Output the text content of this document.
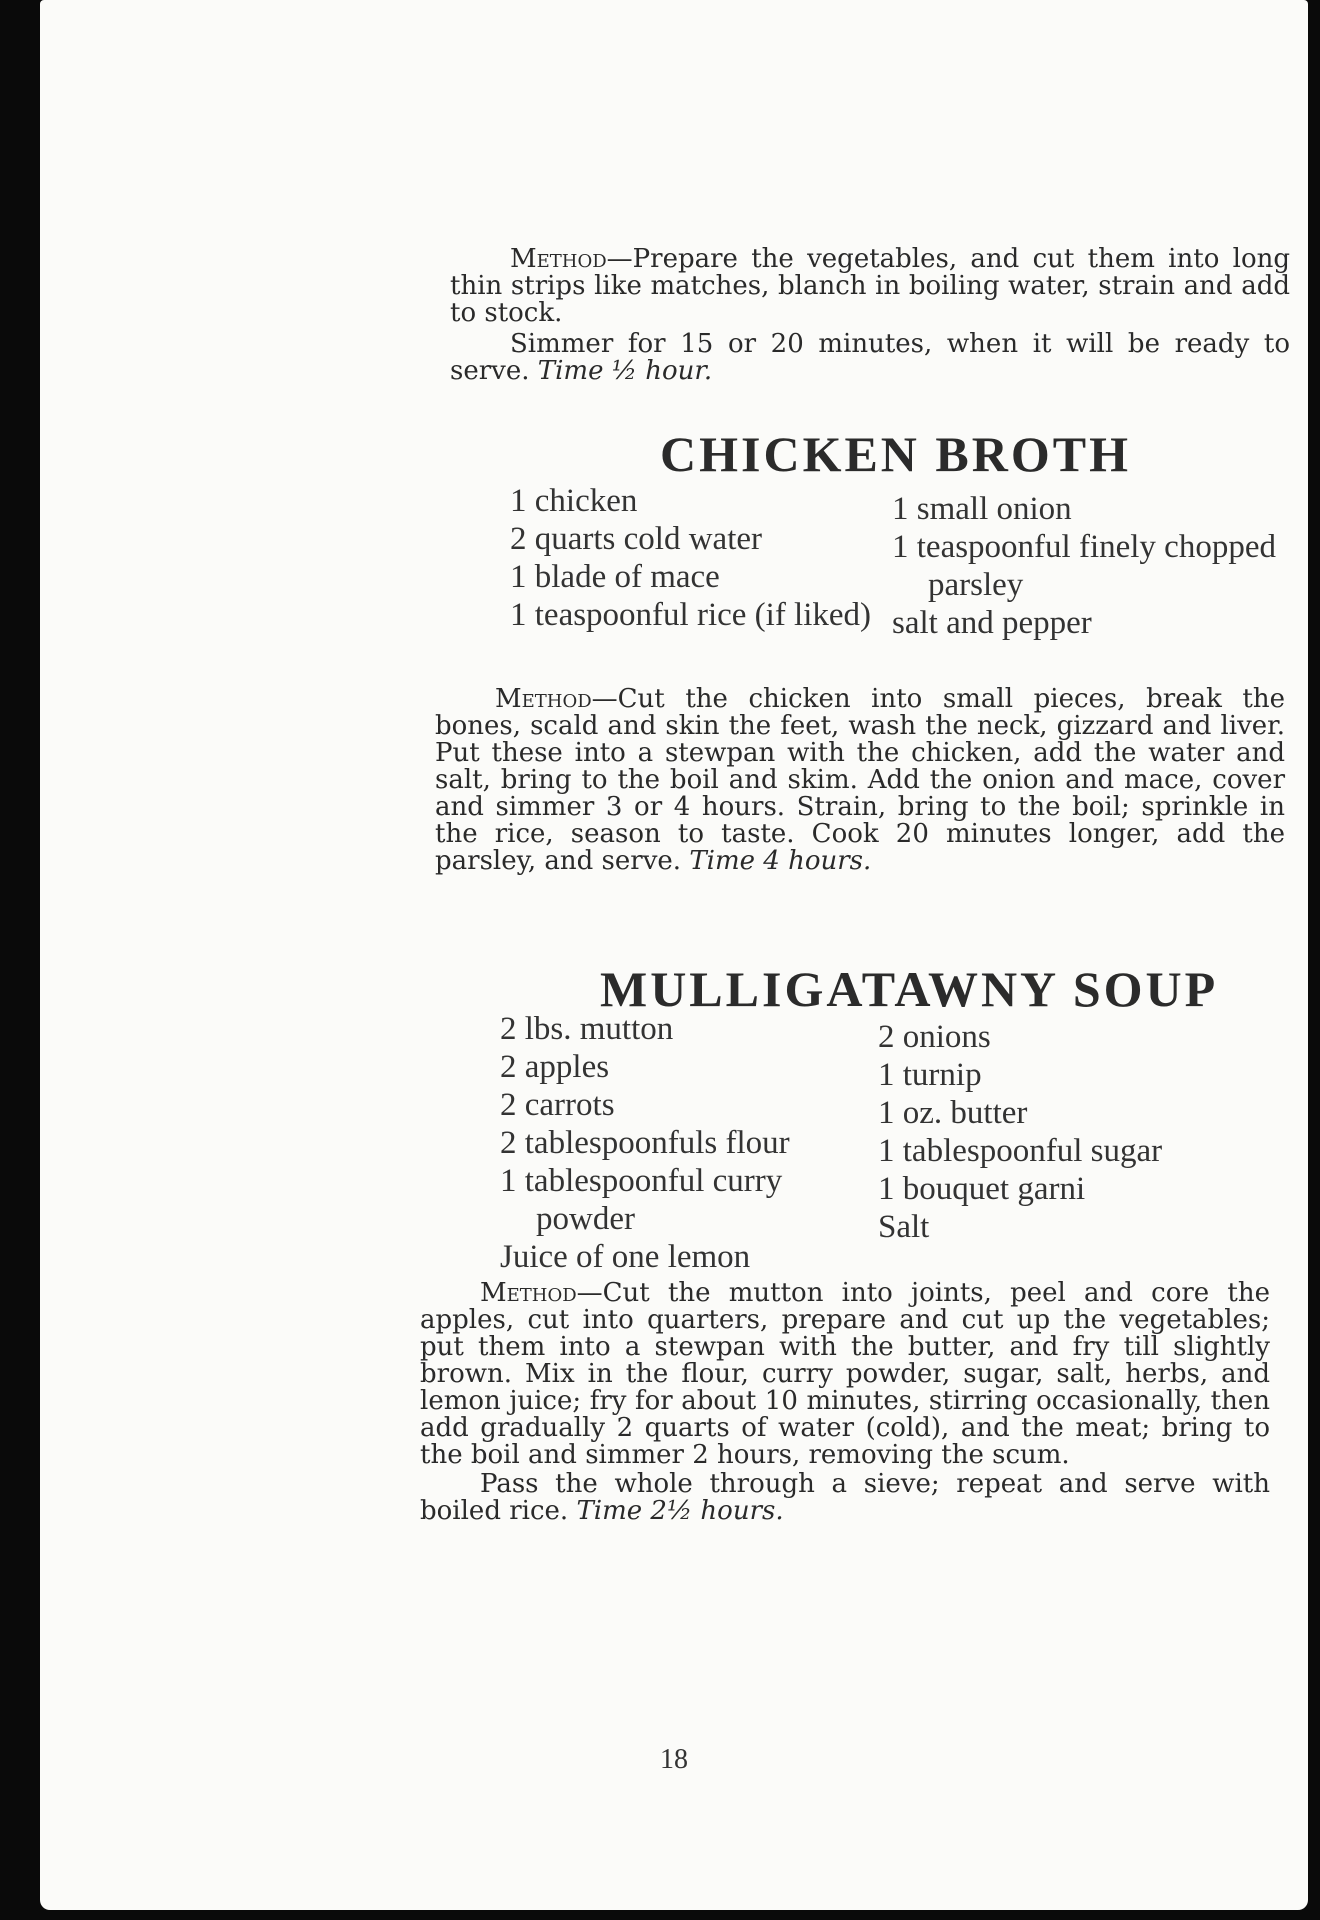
Method—Prepare the vegetables, and cut them into long thin strips like matches, blanch in boiling water, strain and add to stock.

Simmer for 15 or 20 minutes, when it will be ready to serve. Time ½ hour.

CHICKEN BROTH
1 chicken
2 quarts cold water
1 blade of mace
1 teaspoonful rice (if liked)
1 small onion
1 teaspoonful finely chopped parsley
salt and pepper

Method—Cut the chicken into small pieces, break the bones, scald and skin the feet, wash the neck, gizzard and liver. Put these into a stewpan with the chicken, add the water and salt, bring to the boil and skim. Add the onion and mace, cover and simmer 3 or 4 hours. Strain, bring to the boil; sprinkle in the rice, season to taste. Cook 20 minutes longer, add the parsley, and serve. Time 4 hours.

MULLIGATAWNY SOUP
2 lbs. mutton
2 apples
2 carrots
2 tablespoonfuls flour
1 tablespoonful curry powder
Juice of one lemon
2 onions
1 turnip
1 oz. butter
1 tablespoonful sugar
1 bouquet garni
Salt

Method—Cut the mutton into joints, peel and core the apples, cut into quarters, prepare and cut up the vegetables; put them into a stewpan with the butter, and fry till slightly brown. Mix in the flour, curry powder, sugar, salt, herbs, and lemon juice; fry for about 10 minutes, stirring occasionally, then add gradually 2 quarts of water (cold), and the meat; bring to the boil and simmer 2 hours, removing the scum.

Pass the whole through a sieve; repeat and serve with boiled rice. Time 2½ hours.

18
